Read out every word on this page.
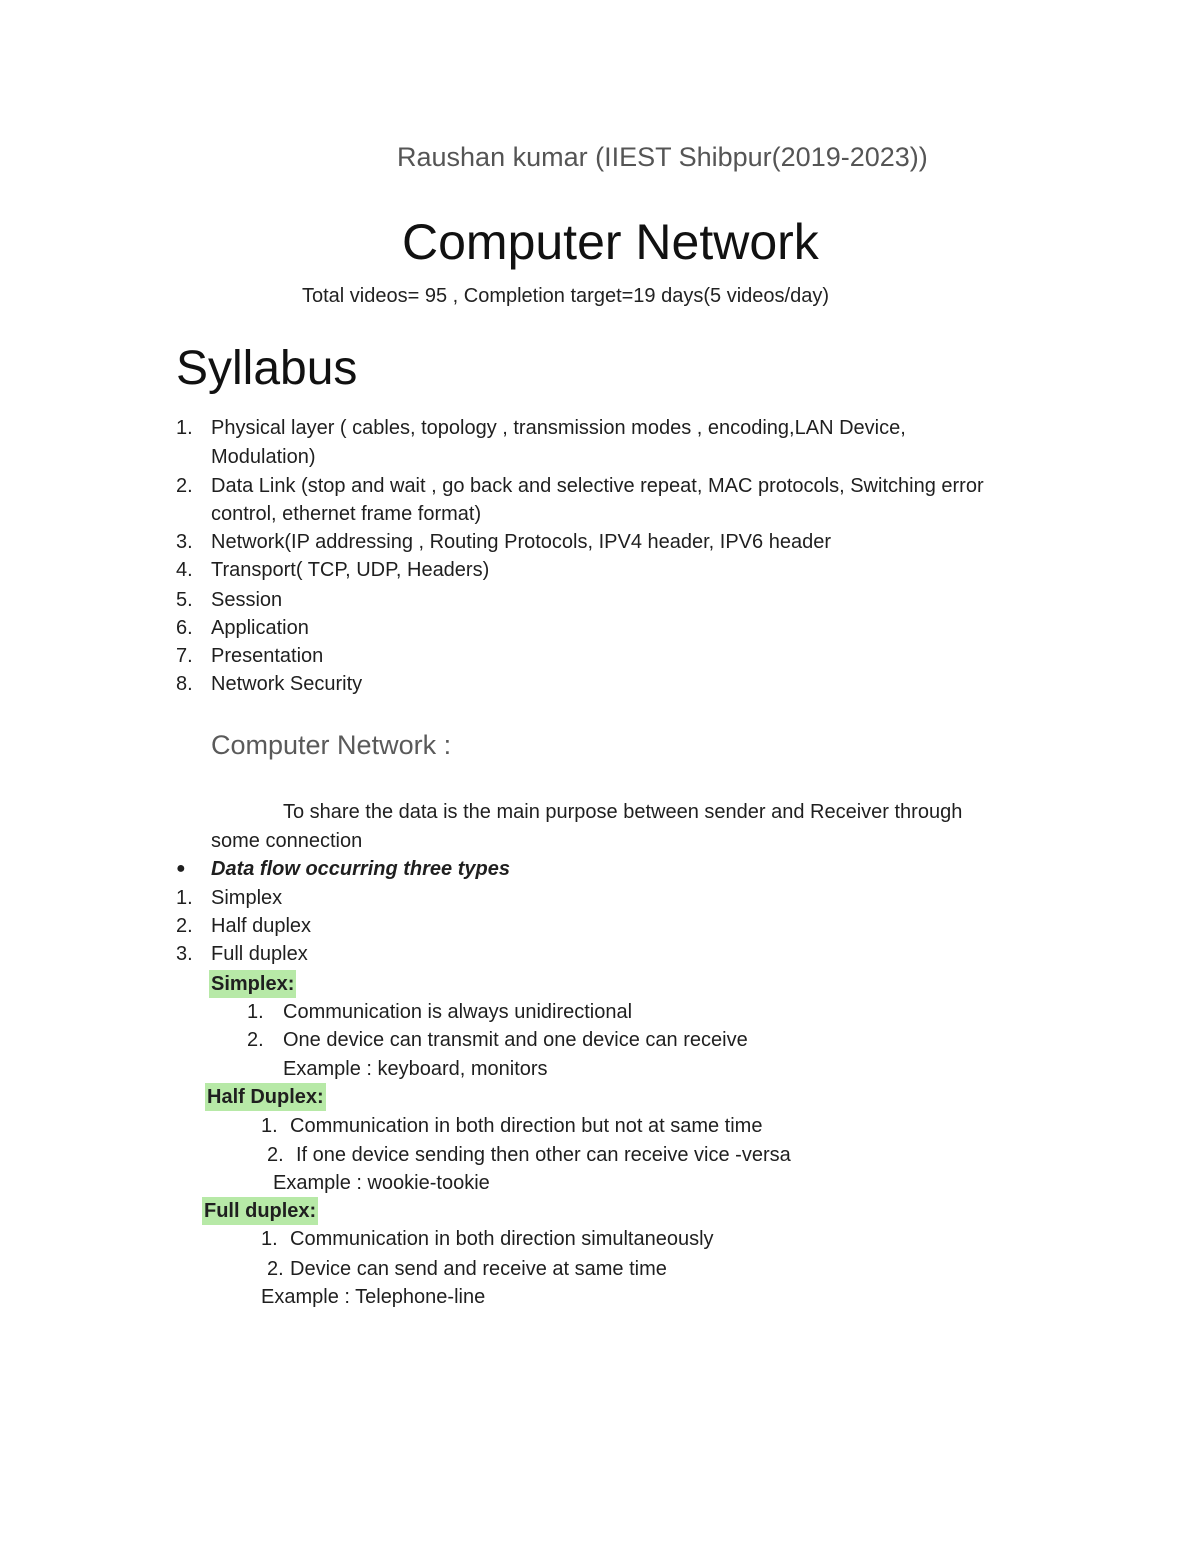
Raushan kumar (IIEST Shibpur(2019-2023))
Computer Network
Total videos= 95 , Completion target=19 days(5 videos/day)
Syllabus
1. Physical layer ( cables, topology , transmission modes , encoding,LAN Device,
Modulation)
2. Data Link (stop and wait , go back and selective repeat, MAC protocols, Switching error
control, ethernet frame format)
3. Network(IP addressing , Routing Protocols, IPV4 header, IPV6 header
4. Transport( TCP, UDP, Headers)
5. Session
6. Application
7. Presentation
8. Network Security
Computer Network :
To share the data is the main purpose between sender and Receiver through
some connection
● Data flow occurring three types
1. Simplex
2. Half duplex
3. Full duplex
Simplex:
1. Communication is always unidirectional
2. One device can transmit and one device can receive
Example : keyboard, monitors
Half Duplex:
1. Communication in both direction but not at same time
2. If one device sending then other can receive vice -versa
Example : wookie-tookie
Full duplex:
1. Communication in both direction simultaneously
2. Device can send and receive at same time
Example : Telephone-line
